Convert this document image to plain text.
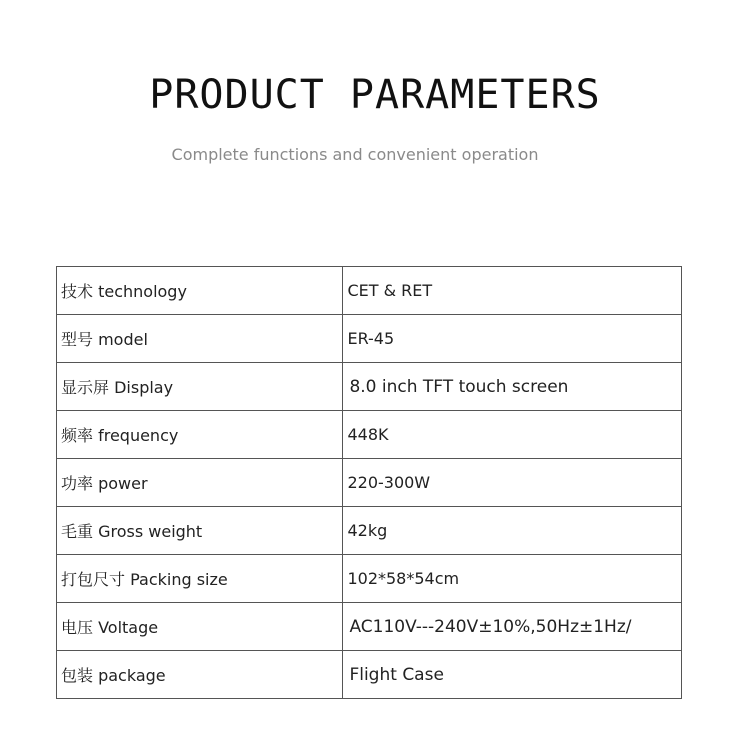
PRODUCT PARAMETERS
Complete functions and convenient operation
技术 technology	CET & RET
型号 model	ER-45
显示屏 Display	8.0 inch TFT touch screen
频率 frequency	448K
功率 power	220-300W
毛重 Gross weight	42kg
打包尺寸 Packing size	102*58*54cm
电压 Voltage	AC110V---240V±10%,50Hz±1Hz/
包装 package	Flight Case
